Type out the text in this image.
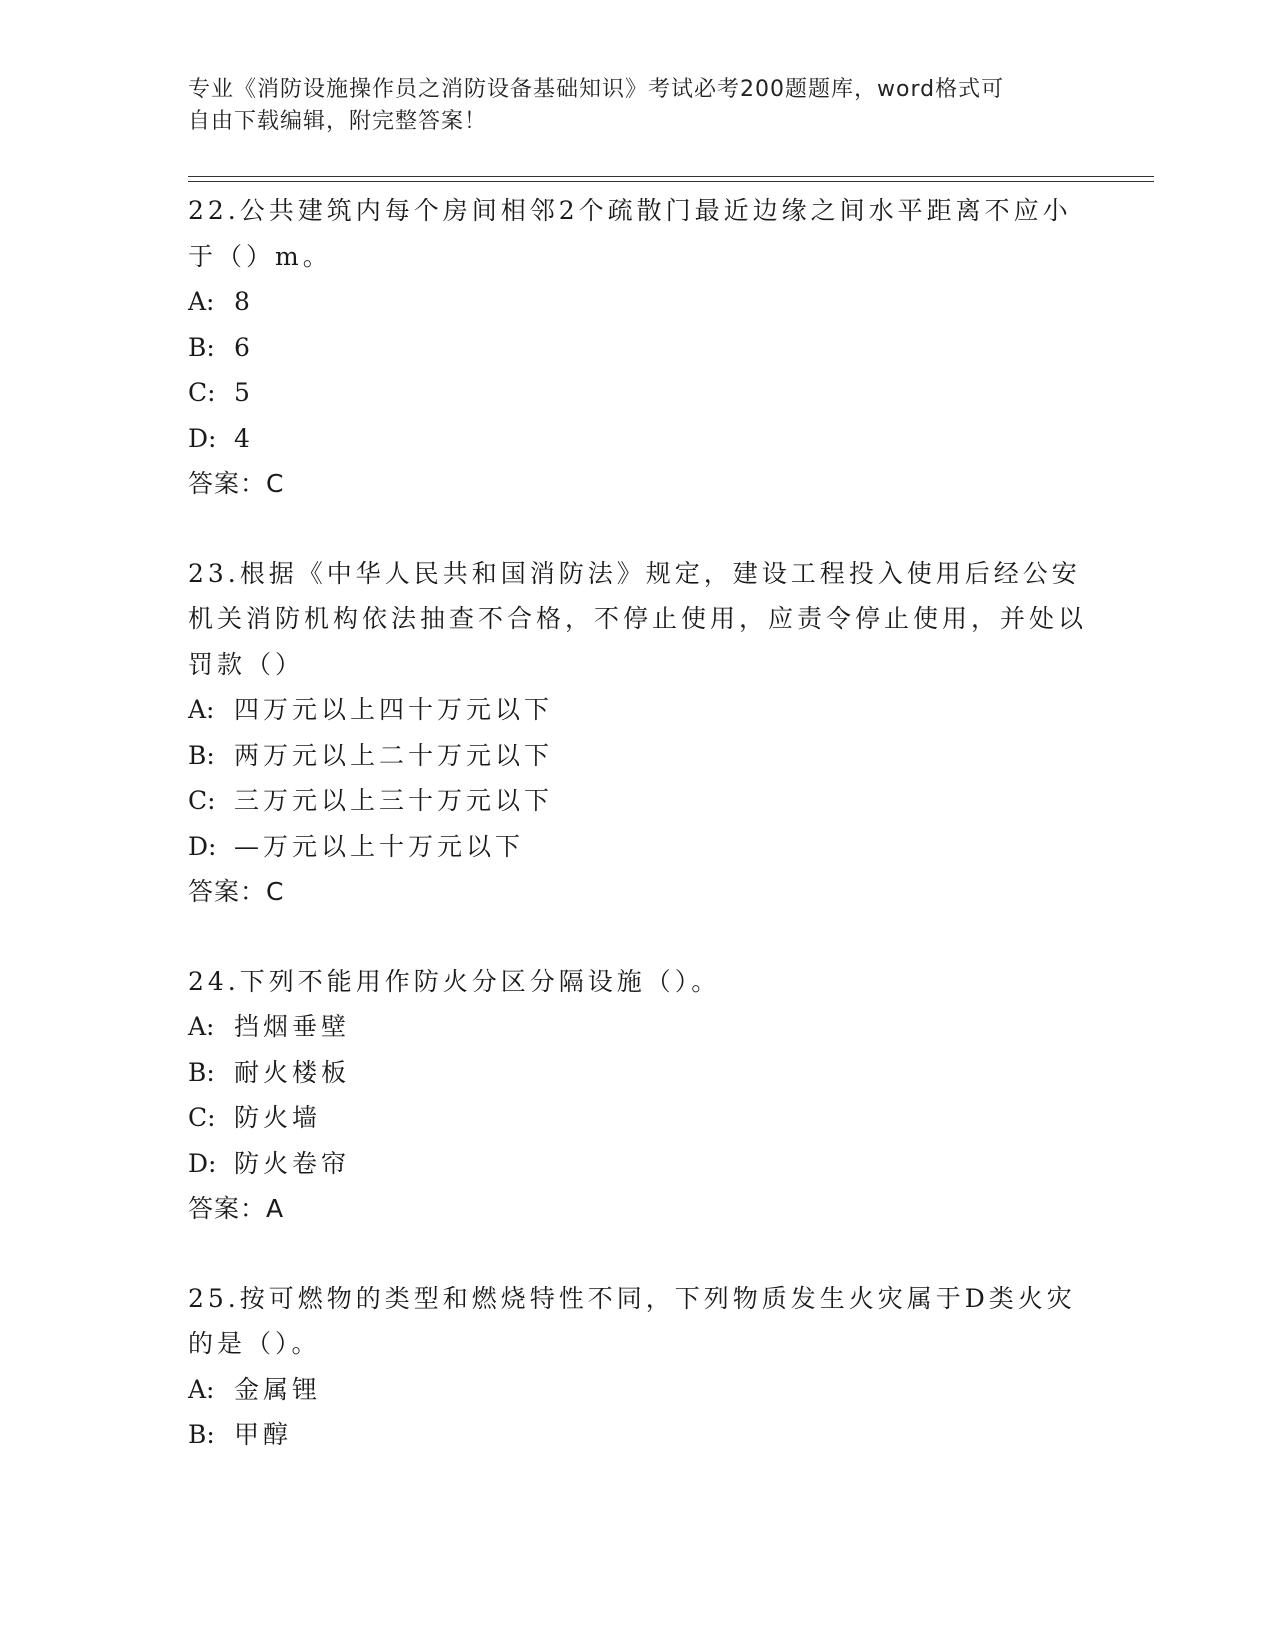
专业《消防设施操作员之消防设备基础知识》考试必考200题题库，word格式可
自由下载编辑，附完整答案！

22.公共建筑内每个房间相邻2个疏散门最近边缘之间水平距离不应小于（）m。

A: 8
B: 6
C: 5
D: 4
答案：C

23.根据《中华人民共和国消防法》规定，建设工程投入使用后经公安机关消防机构依法抽查不合格，不停止使用，应责令停止使用，并处以罚款（）

A: 四万元以上四十万元以下
B: 两万元以上二十万元以下
C: 三万元以上三十万元以下
D: —万元以上十万元以下
答案：C

24.下列不能用作防火分区分隔设施（）。

A: 挡烟垂壁
B: 耐火楼板
C: 防火墙
D: 防火卷帘
答案：A

25.按可燃物的类型和燃烧特性不同，下列物质发生火灾属于D类火灾的是（）。

A: 金属锂
B: 甲醇
